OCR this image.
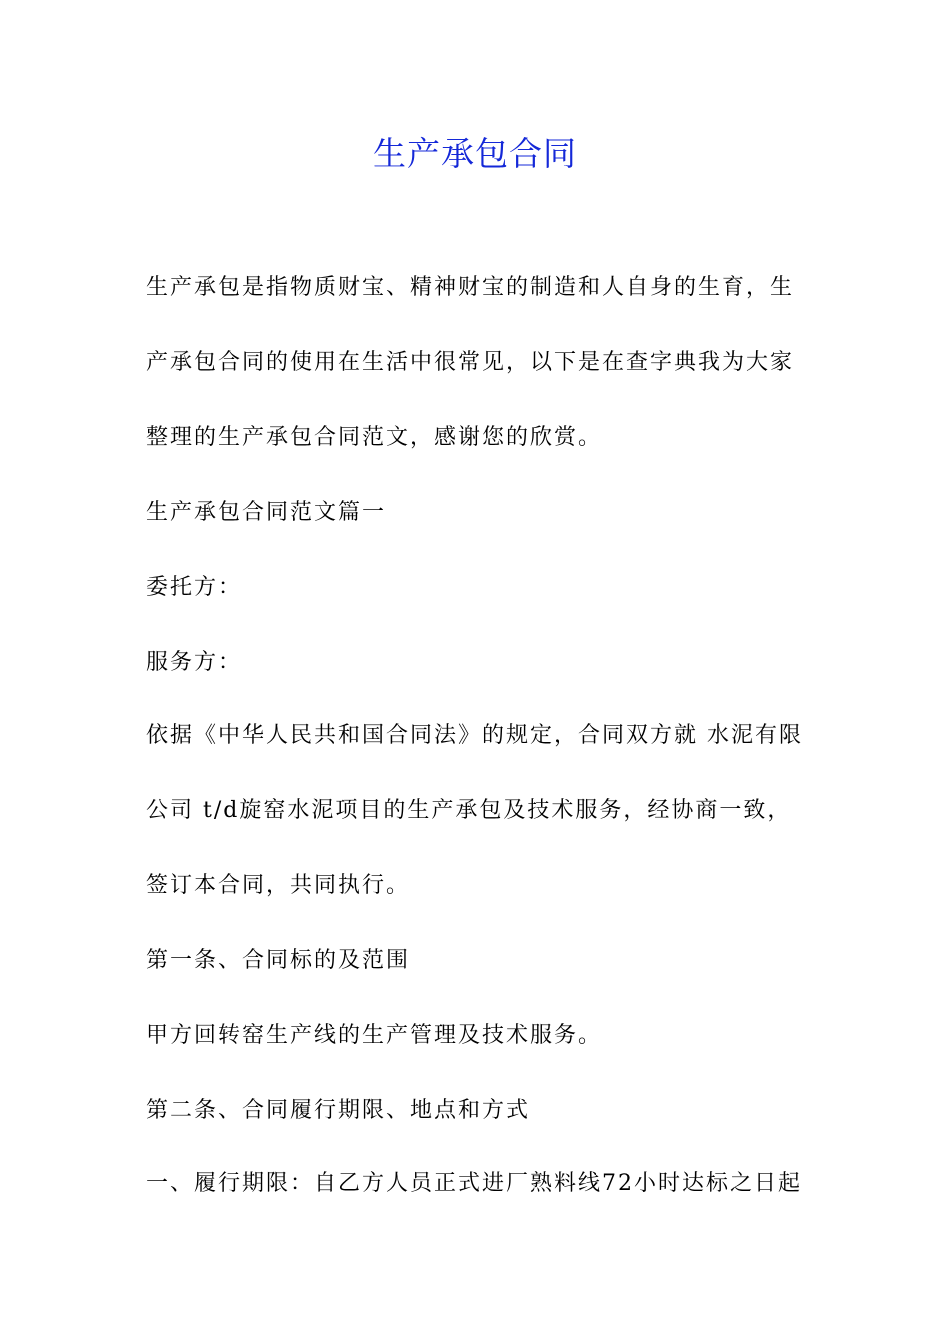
生产承包合同
生产承包是指物质财宝、精神财宝的制造和人自身的生育，生
产承包合同的使用在生活中很常见，以下是在查字典我为大家
整理的生产承包合同范文，感谢您的欣赏。
生产承包合同范文篇一
委托方：
服务方：
依据《中华人民共和国合同法》的规定，合同双方就 水泥有限
公司 t/d旋窑水泥项目的生产承包及技术服务，经协商一致，
签订本合同，共同执行。
第一条、合同标的及范围
甲方回转窑生产线的生产管理及技术服务。
第二条、合同履行期限、地点和方式
一、履行期限：自乙方人员正式进厂熟料线72小时达标之日起
